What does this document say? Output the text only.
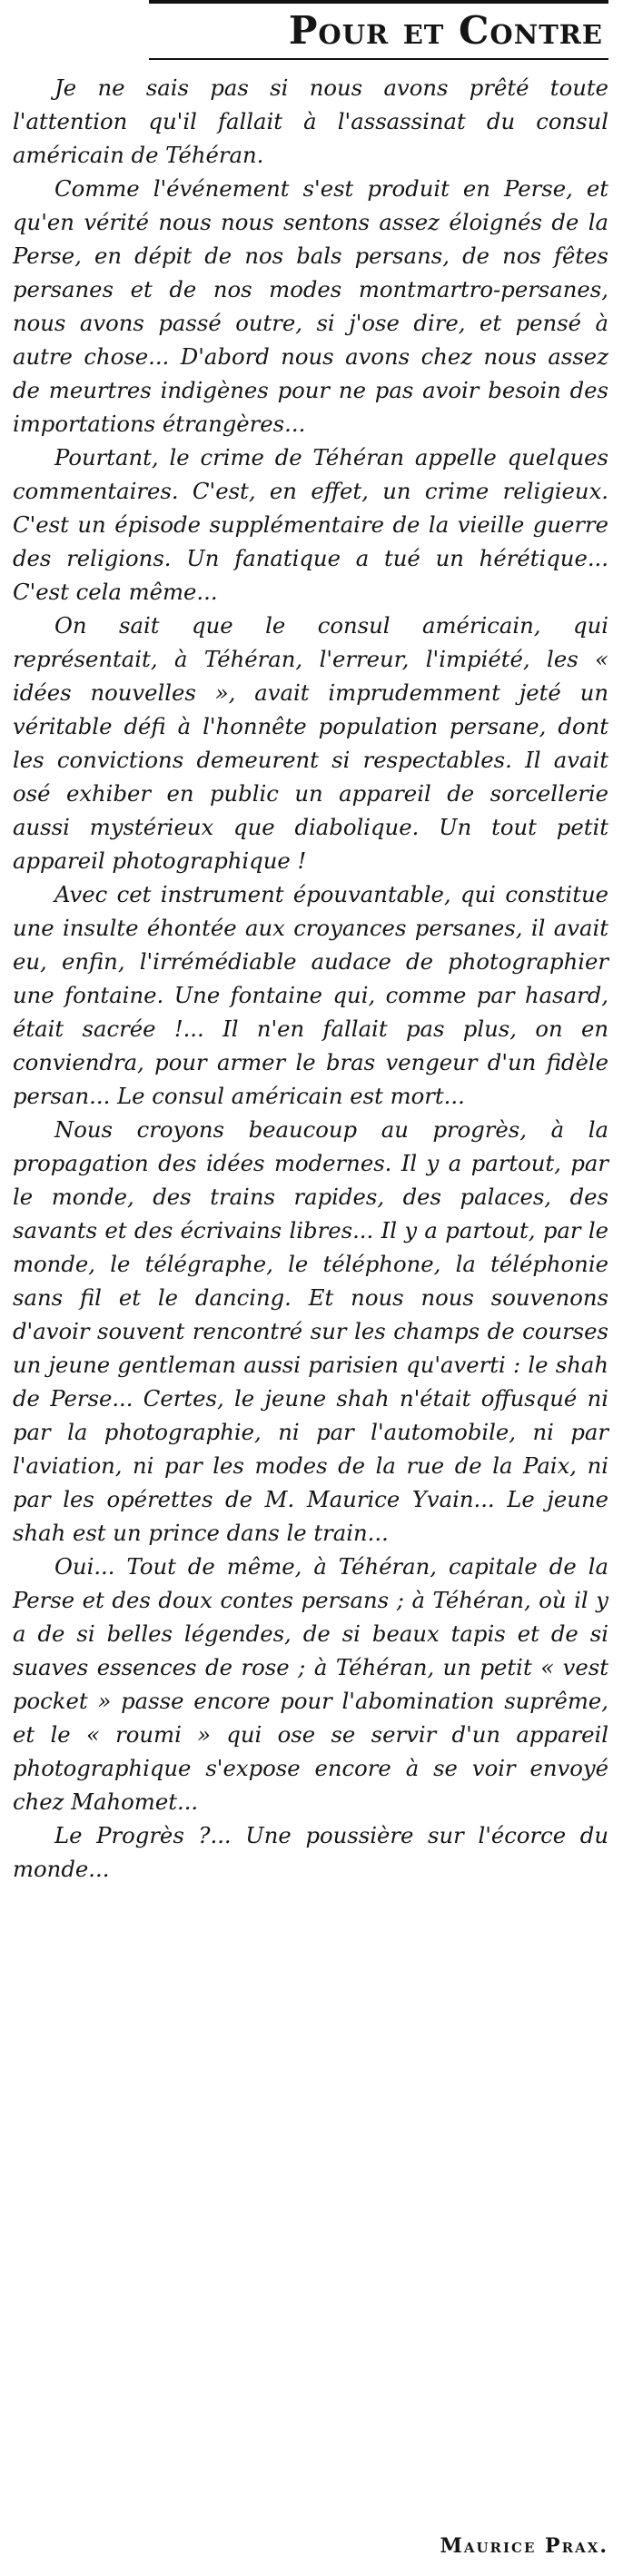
Pour et Contre

Je ne sais pas si nous avons prêté toute l'attention qu'il fallait à l'assassinat du consul américain de Téhéran.

Comme l'événement s'est produit en Perse, et qu'en vérité nous nous sentons assez éloignés de la Perse, en dépit de nos bals persans, de nos fêtes persanes et de nos modes montmartro-persanes, nous avons passé outre, si j'ose dire, et pensé à autre chose... D'abord nous avons chez nous assez de meurtres indigènes pour ne pas avoir besoin des importations étrangères...

Pourtant, le crime de Téhéran appelle quelques commentaires. C'est, en effet, un crime religieux. C'est un épisode supplémentaire de la vieille guerre des religions. Un fanatique a tué un hérétique... C'est cela même...

On sait que le consul américain, qui représentait, à Téhéran, l'erreur, l'impiété, les « idées nouvelles », avait imprudemment jeté un véritable défi à l'honnête population persane, dont les convictions demeurent si respectables. Il avait osé exhiber en public un appareil de sorcellerie aussi mystérieux que diabolique. Un tout petit appareil photographique !

Avec cet instrument épouvantable, qui constitue une insulte éhontée aux croyances persanes, il avait eu, enfin, l'irrémédiable audace de photographier une fontaine. Une fontaine qui, comme par hasard, était sacrée !... Il n'en fallait pas plus, on en conviendra, pour armer le bras vengeur d'un fidèle persan... Le consul américain est mort...

Nous croyons beaucoup au progrès, à la propagation des idées modernes. Il y a partout, par le monde, des trains rapides, des palaces, des savants et des écrivains libres... Il y a partout, par le monde, le télégraphe, le téléphone, la téléphonie sans fil et le dancing. Et nous nous souvenons d'avoir souvent rencontré sur les champs de courses un jeune gentleman aussi parisien qu'averti : le shah de Perse... Certes, le jeune shah n'était offusqué ni par la photographie, ni par l'automobile, ni par l'aviation, ni par les modes de la rue de la Paix, ni par les opérettes de M. Maurice Yvain... Le jeune shah est un prince dans le train...

Oui... Tout de même, à Téhéran, capitale de la Perse et des doux contes persans ; à Téhéran, où il y a de si belles légendes, de si beaux tapis et de si suaves essences de rose ; à Téhéran, un petit « vest pocket » passe encore pour l'abomination suprême, et le « roumi » qui ose se servir d'un appareil photographique s'expose encore à se voir envoyé chez Mahomet...

Le Progrès ?... Une poussière sur l'écorce du monde...

Maurice Prax.
